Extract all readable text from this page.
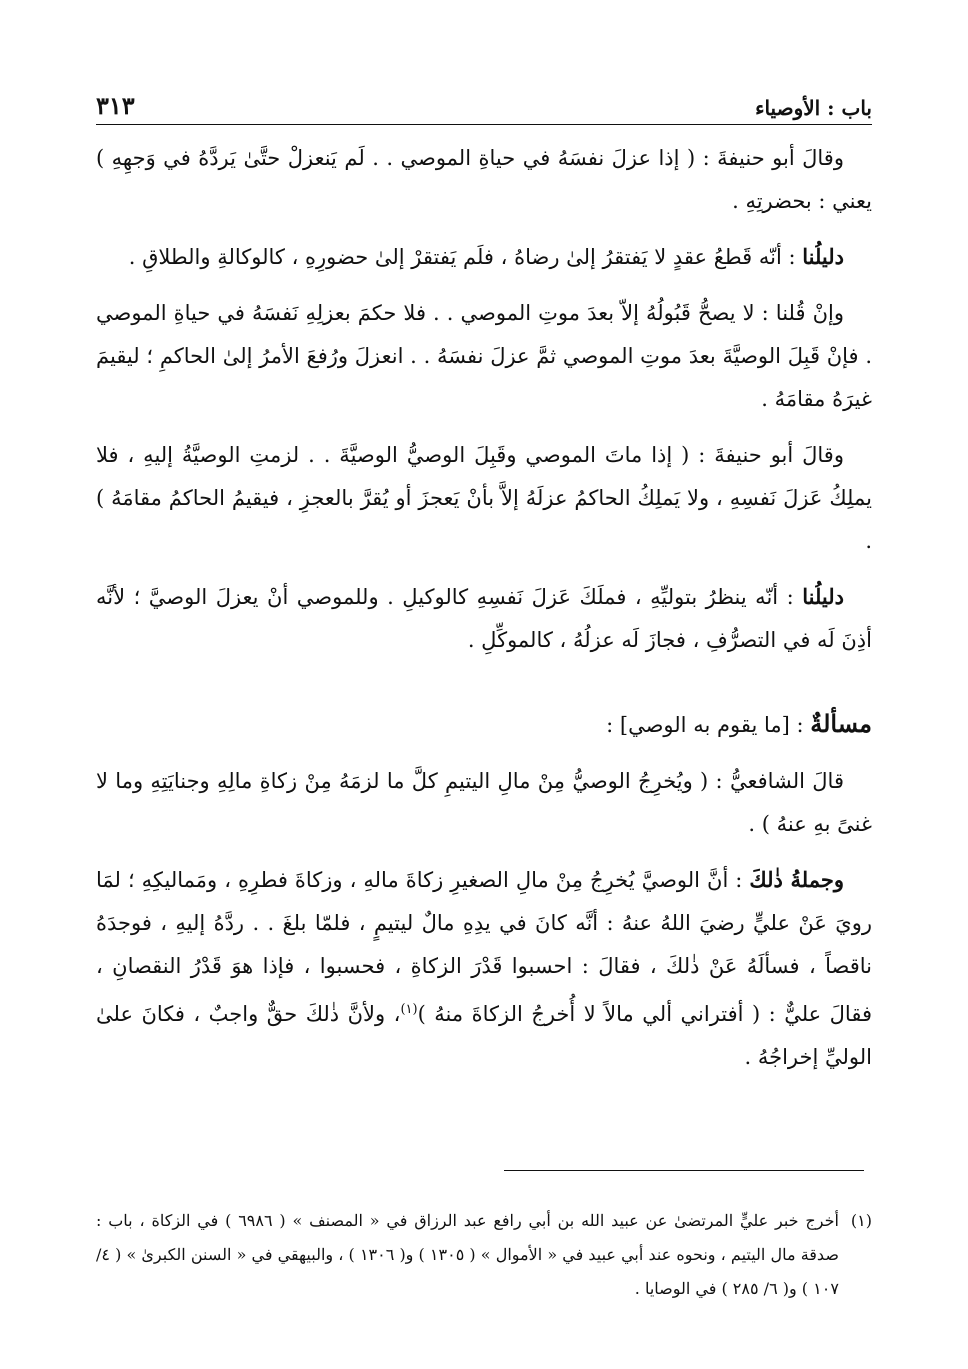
باب : الأوصياء
٣١٣

وقالَ أبو حنيفةَ : ( إذا عزلَ نفسَهُ في حياةِ الموصي . . لَم يَنعزلْ حتَّىٰ يَردَّهُ في وَجهِهِ ) يعني : بحضرتِهِ .

دليلُنا : أنّه قَطعُ عقدٍ لا يَفتقرُ إلىٰ رضاهُ ، فلَم يَفتقرْ إلىٰ حضورِهِ ، كالوكالةِ والطلاقِ .

وإنْ قُلنا : لا يصحُّ قَبُولُهُ إلاّ بعدَ موتِ الموصي . . فلا حكمَ بعزلِهِ نَفسَهُ في حياةِ الموصي . فإنْ قَبِلَ الوصيَّةَ بعدَ موتِ الموصي ثمَّ عزلَ نفسَهُ . . انعزلَ ورُفعَ الأمرُ إلىٰ الحاكمِ ؛ ليقيمَ غيرَهُ مقامَهُ .

وقالَ أبو حنيفةَ : ( إذا ماتَ الموصي وقَبِلَ الوصيُّ الوصيَّةَ . . لزمتِ الوصيَّةُ إليهِ ، فلا يملِكُ عَزلَ نَفسِهِ ، ولا يَملِكُ الحاكمُ عزلَهُ إلاَّ بأنْ يَعجزَ أو يُقرَّ بالعجزِ ، فيقيمُ الحاكمُ مقامَهُ ) .

دليلُنا : أنّه ينظرُ بتوليِّهِ ، فملَكَ عَزلَ نَفسِهِ كالوكيلِ . وللموصي أنْ يعزلَ الوصيَّ ؛ لأنَّه أذِنَ لَه في التصرُّفِ ، فجازَ لَه عزلُهُ ، كالموكِّلِ .

مسألةٌ : [ما يقوم به الوصي] :

قالَ الشافعيُّ : ( ويُخرِجُ الوصيُّ مِنْ مالِ اليتيمِ كلَّ ما لزمَهُ مِنْ زكاةِ مالِهِ وجنايَتِهِ وما لا غنىً بهِ عنهُ ) .

وجملةُ ذٰلكَ : أنَّ الوصيَّ يُخرِجُ مِنْ مالِ الصغيرِ زكاةَ مالهِ ، وزكاةَ فطرِهِ ، ومَماليكِهِ ؛ لمَا رويَ عَنْ عليٍّ رضيَ اللهُ عنهُ : أنَّه كانَ في يدِهِ مالٌ ليتيمٍ ، فلمّا بلغَ . . ردَّهُ إليهِ ، فوجدَهُ ناقصاً ، فسألَهُ عَنْ ذٰلكَ ، فقالَ : احسبوا قَدْرَ الزكاةِ ، فحسبوا ، فإذا هوَ قَدْرُ النقصانِ ، فقالَ عليٌّ : ( أفتراني ألي مالاً لا أُخرجُ الزكاةَ منهُ )$^{(١)}$، ولأنَّ ذٰلكَ حقٌّ واجبٌ ، فكانَ علىٰ الوليِّ إخراجُهُ .

(١)
أخرج خبر عليٍّ المرتضىٰ عن عبيد الله بن أبي رافع عبد الرزاق في « المصنف » ( ٦٩٨٦ ) في الزكاة ، باب : صدقة مال اليتيم ، ونحوه عند أبي عبيد في « الأموال » ( ١٣٠٥ ) و( ١٣٠٦ ) ، والبيهقي في « السنن الكبرىٰ » ( ٤/ ١٠٧ ) و( ٦/ ٢٨٥ ) في الوصايا .
